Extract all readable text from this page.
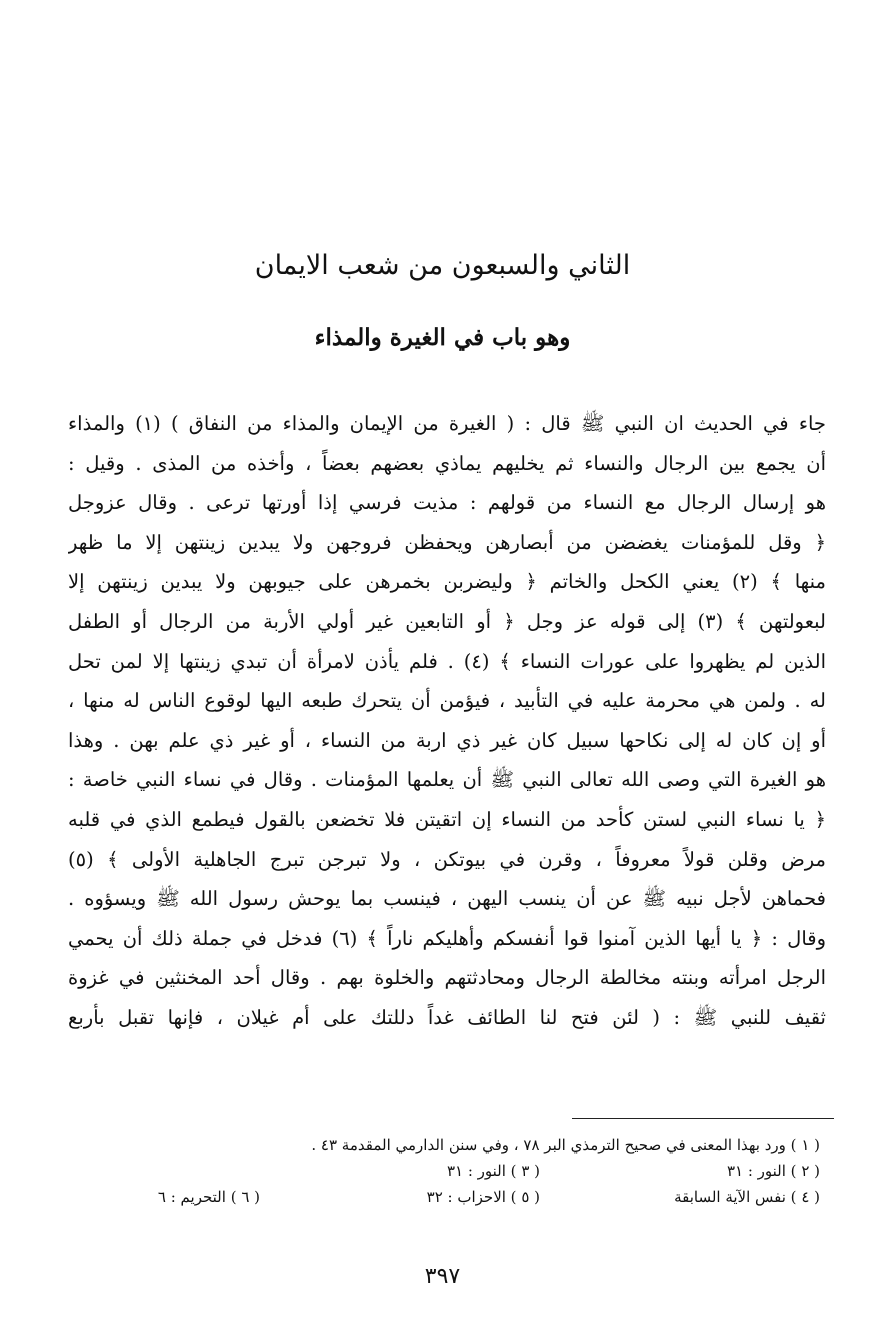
الثاني والسبعون من شعب الايمان
وهو باب في الغيرة والمذاء
جاء في الحديث ان النبي ﷺ قال : ( الغيرة من الإيمان والمذاء من النفاق ) (١) والمذاء
أن يجمع بين الرجال والنساء ثم يخليهم يماذي بعضهم بعضاً ، وأخذه من المذى . وقيل :
هو إرسال الرجال مع النساء من قولهم : مذيت فرسي إذا أورتها ترعى . وقال عزوجل
﴿ وقل للمؤمنات يغضضن من أبصارهن ويحفظن فروجهن ولا يبدين زينتهن إلا ما ظهر
منها ﴾ (٢) يعني الكحل والخاتم ﴿ وليضربن بخمرهن على جيوبهن ولا يبدين زينتهن إلا
لبعولتهن ﴾ (٣) إلى قوله عز وجل ﴿ أو التابعين غير أولي الأربة من الرجال أو الطفل
الذين لم يظهروا على عورات النساء ﴾ (٤) . فلم يأذن لامرأة أن تبدي زينتها إلا لمن تحل
له . ولمن هي محرمة عليه في التأبيد ، فيؤمن أن يتحرك طبعه اليها لوقوع الناس له منها ،
أو إن كان له إلى نكاحها سبيل كان غير ذي اربة من النساء ، أو غير ذي علم بهن . وهذا
هو الغيرة التي وصى الله تعالى النبي ﷺ أن يعلمها المؤمنات . وقال في نساء النبي خاصة :
﴿ يا نساء النبي لستن كأحد من النساء إن اتقيتن فلا تخضعن بالقول فيطمع الذي في قلبه
مرض وقلن قولاً معروفاً ، وقرن في بيوتكن ، ولا تبرجن تبرج الجاهلية الأولى ﴾ (٥)
فحماهن لأجل نبيه ﷺ عن أن ينسب اليهن ، فينسب بما يوحش رسول الله ﷺ ويسؤوه .
وقال : ﴿ يا أيها الذين آمنوا قوا أنفسكم وأهليكم ناراً ﴾ (٦) فدخل في جملة ذلك أن يحمي
الرجل امرأته وبنته مخالطة الرجال ومحادثتهم والخلوة بهم . وقال أحد المخنثين في غزوة
ثقيف للنبي ﷺ : ( لئن فتح لنا الطائف غداً دللتك على أم غيلان ، فإنها تقبل بأربع
( ١ ) ورد بهذا المعنى في صحيح الترمذي البر ٧٨ ، وفي سنن الدارمي المقدمة ٤٣ .
( ٢ ) النور : ٣١
( ٣ ) النور : ٣١
( ٤ ) نفس الآية السابقة
( ٥ ) الاحزاب : ٣٢
( ٦ ) التحريم : ٦
٣٩٧
